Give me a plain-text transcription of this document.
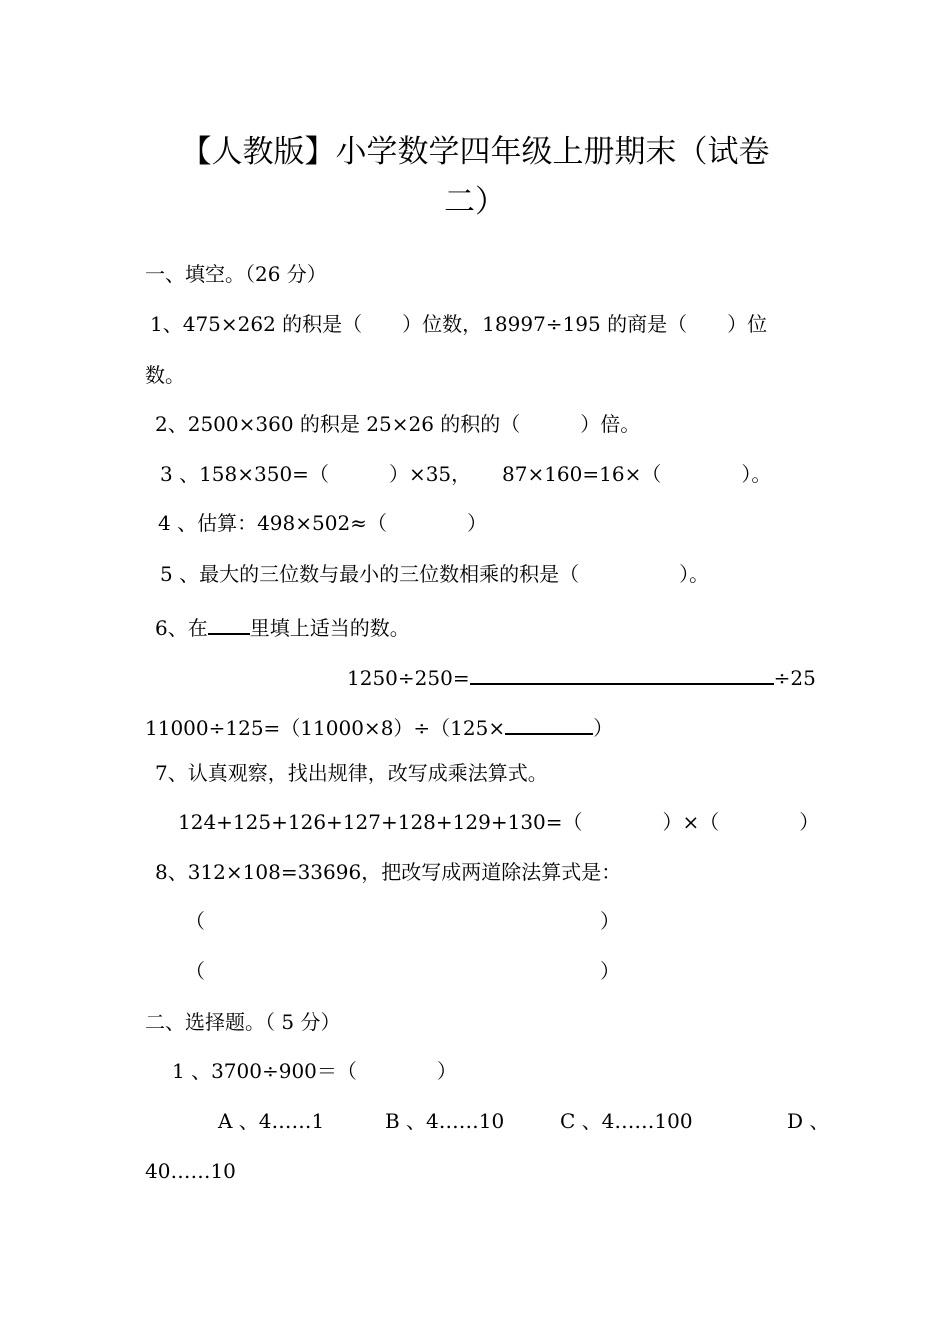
【人教版】小学数学四年级上册期末（试卷
二）
一、填空。（26 分）
1、475×262 的积是（　　）位数，18997÷195 的商是（　　）位
数。
2、2500×360 的积是 25×26 的积的（　　　）倍。
3 、158×350=（　　　）×35， 87×160=16×（　　　　）。
4 、估算：498×502≈（　　　　）
5 、最大的三位数与最小的三位数相乘的积是（　　　　　）。
6、在 里填上适当的数。
1250÷250=	÷25
11000÷125=（11000×8）÷（125×	）
7、认真观察，找出规律，改写成乘法算式。
124+125+126+127+128+129+130=（　　　　）×（　　　　）
8、312×108=33696，把改写成两道除法算式是：
（	）
（	）
二、选择题。（ 5 分）
1 、3700÷900＝（　　　　）
A 、4……1	B 、4……10	C 、4……100	D 、
40……10
